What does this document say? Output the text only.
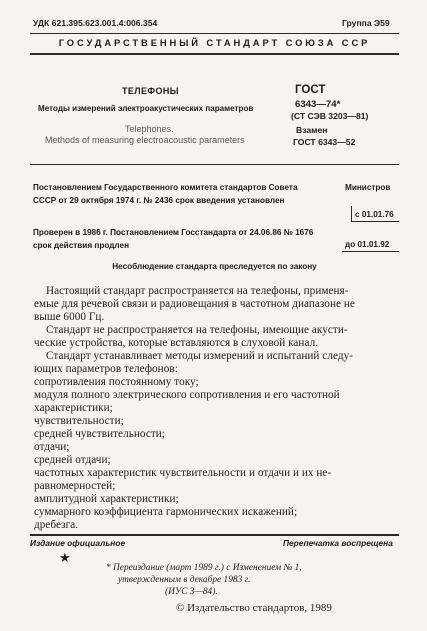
УДК 621.395.623.001.4:006.354	Группа Э59
ГОСУДАРСТВЕННЫЙ СТАНДАРТ СОЮЗА ССР
ТЕЛЕФОНЫ
Методы измерений электроакустических параметров
Telephones.
Methods of measuring electroacoustic parameters
ГОСТ
6343—74*
(СТ СЭВ 3203—81)
Взамен
ГОСТ 6343—52
Постановлением Государственного комитета стандартов Совета	Министров
СССР от 29 октября 1974 г. № 2436 срок введения установлен
с 01.01.76
Проверен в 1986 г. Постановлением Госстандарта от 24.06.86 № 1676
срок действия продлен	до 01.01.92
Несоблюдение стандарта преследуется по закону
Настоящий стандарт распространяется на телефоны, применя-
емые для речевой связи и радиовещания в частотном диапазоне не
выше 6000 Гц.
Стандарт не распространяется на телефоны, имеющие акусти-
ческие устройства, которые вставляются в слуховой канал.
Стандарт устанавливает методы измерений и испытаний следу-
ющих параметров телефонов:
сопротивления постоянному току;
модуля полного электрического сопротивления и его частотной
характеристики;
чувствительности;
средней чувствительности;
отдачи;
средней отдачи;
частотных характеристик чувствительности и отдачи и их не-
равномерностей;
амплитудной характеристики;
суммарного коэффициента гармонических искажений;
дребезга.
Издание официальное	Перепечатка воспрещена
★
* Переиздание (март 1989 г.) с Изменением № 1,
утвержденным в декабре 1983 г.
(ИУС 3—84).
© Издательство стандартов, 1989
